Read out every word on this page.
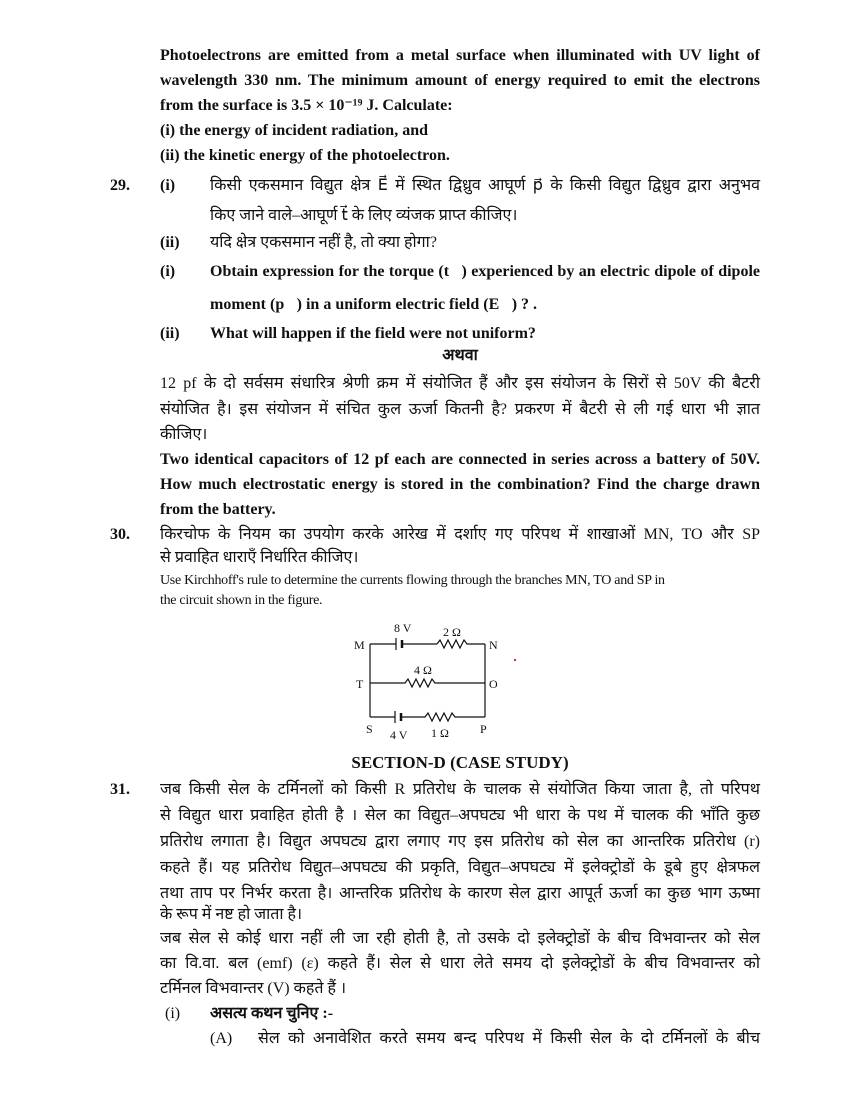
Photoelectrons are emitted from a metal surface when illuminated with UV light of
wavelength 330 nm. The minimum amount of energy required to emit the electrons
from the surface is 3.5 × 10⁻¹⁹ J. Calculate:
(i) the energy of incident radiation, and
(ii) the kinetic energy of the photoelectron.
29. (i) किसी एकसमान विद्युत क्षेत्र E⃗ में स्थित द्विध्रुव आघूर्ण p⃗ के किसी विद्युत द्विध्रुव द्वारा अनुभव
किए जाने वाले–आघूर्ण t⃗ के लिए व्यंजक प्राप्त कीजिए।
(ii) यदि क्षेत्र एकसमान नहीं है, तो क्या होगा?
(i) Obtain expression for the torque (t⃗) experienced by an electric dipole of dipole
moment (p⃗) in a uniform electric field (E⃗) ? .
(ii) What will happen if the field were not uniform?
अथवा
12 pf के दो सर्वसम संधारित्र श्रेणी क्रम में संयोजित हैं और इस संयोजन के सिरों से 50V की बैटरी
संयोजित है। इस संयोजन में संचित कुल ऊर्जा कितनी है? प्रकरण में बैटरी से ली गई धारा भी ज्ञात
कीजिए।
Two identical capacitors of 12 pf each are connected in series across a battery of 50V.
How much electrostatic energy is stored in the combination? Find the charge drawn
from the battery.
30. किरचोफ के नियम का उपयोग करके आरेख में दर्शाए गए परिपथ में शाखाओं MN, TO और SP
से प्रवाहित धाराएँ निर्धारित कीजिए।
Use Kirchhoff's rule to determine the currents flowing through the branches MN, TO and SP in
the circuit shown in the figure.
M	N
T	O
S	P
8 V	2 Ω
4 Ω
4 V 1 Ω
SECTION-D (CASE STUDY)
31. जब किसी सेल के टर्मिनलों को किसी R प्रतिरोध के चालक से संयोजित किया जाता है, तो परिपथ
से विद्युत धारा प्रवाहित होती है । सेल का विद्युत–अपघट्य भी धारा के पथ में चालक की भाँति कुछ
प्रतिरोध लगाता है। विद्युत अपघट्य द्वारा लगाए गए इस प्रतिरोध को सेल का आन्तरिक प्रतिरोध (r)
कहते हैं। यह प्रतिरोध विद्युत–अपघट्य की प्रकृति, विद्युत–अपघट्य में इलेक्ट्रोडों के डूबे हुए क्षेत्रफल
तथा ताप पर निर्भर करता है। आन्तरिक प्रतिरोध के कारण सेल द्वारा आपूर्त ऊर्जा का कुछ भाग ऊष्मा
के रूप में नष्ट हो जाता है।
जब सेल से कोई धारा नहीं ली जा रही होती है, तो उसके दो इलेक्ट्रोडों के बीच विभवान्तर को सेल
का वि.वा. बल (emf) (ε) कहते हैं। सेल से धारा लेते समय दो इलेक्ट्रोडों के बीच विभवान्तर को
टर्मिनल विभवान्तर (V) कहते हैं ।
(i) असत्य कथन चुनिए :-
(A) सेल को अनावेशित करते समय बन्द परिपथ में किसी सेल के दो टर्मिनलों के बीच
